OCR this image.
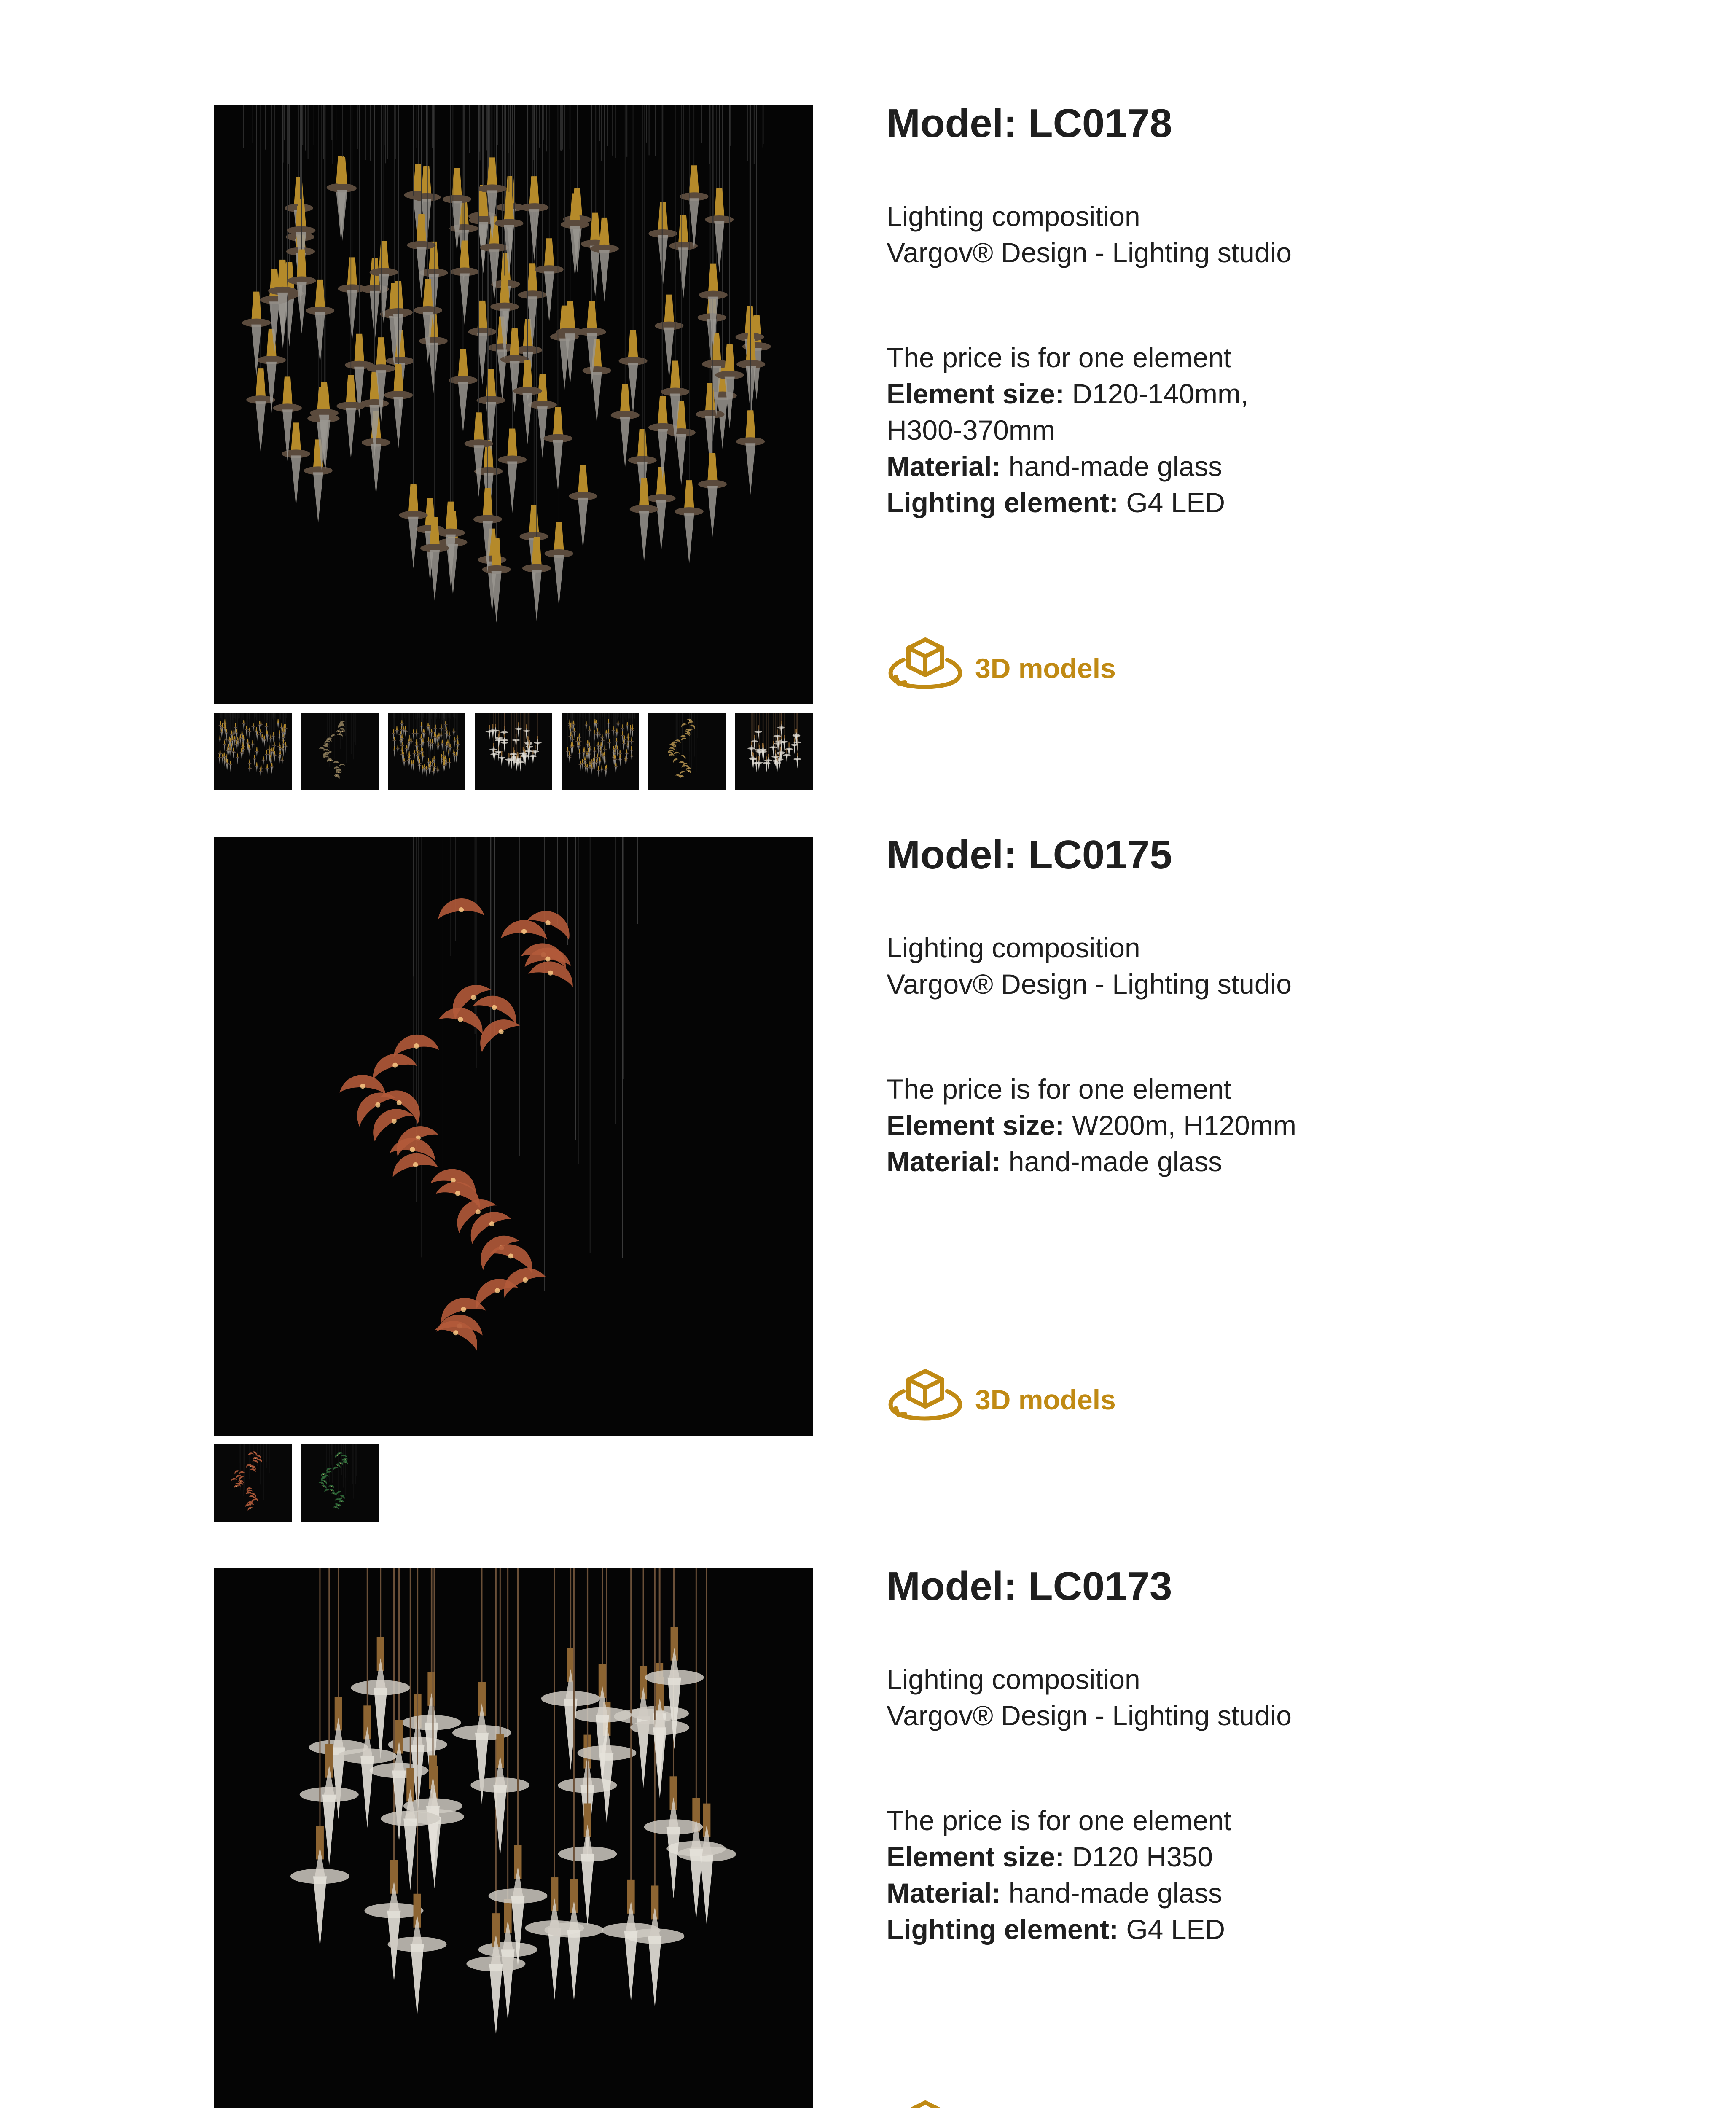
Model: LC0178
Lighting composition
Vargov® Design - Lighting studio
The price is for one element
Element size: D120-140mm,
H300-370mm
Material: hand-made glass
Lighting element: G4 LED
3D models
Model: LC0175
Lighting composition
Vargov® Design - Lighting studio
The price is for one element
Element size: W200m, H120mm
Material: hand-made glass
3D models
Model: LC0173
Lighting composition
Vargov® Design - Lighting studio
The price is for one element
Element size: D120 H350
Material: hand-made glass
Lighting element: G4 LED
